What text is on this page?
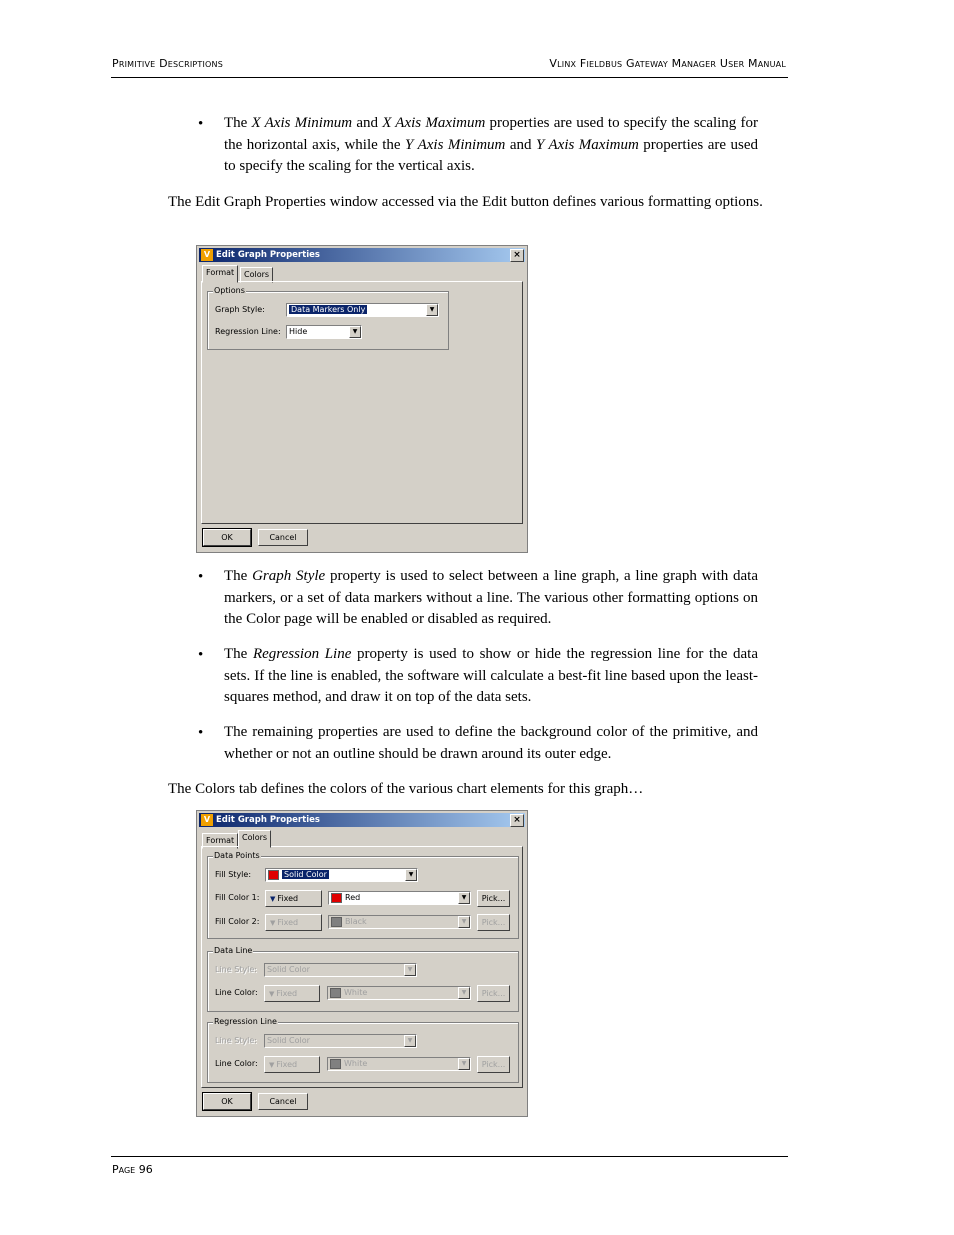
Primitive Descriptions	Vlinx Fieldbus Gateway Manager User Manual
• The X Axis Minimum and X Axis Maximum properties are used to specify the scaling for the horizontal axis, while the Y Axis Minimum and Y Axis Maximum properties are used to specify the scaling for the vertical axis.
The Edit Graph Properties window accessed via the Edit button defines various formatting options.
V Edit Graph Properties	×
Format	Colors
Options
Graph Style:	Data Markers Only	▼
Regression Line: Hide	▼
OK	Cancel
• The Graph Style property is used to select between a line graph, a line graph with data markers, or a set of data markers without a line. The various other formatting options on the Color page will be enabled or disabled as required.
• The Regression Line property is used to show or hide the regression line for the data sets. If the line is enabled, the software will calculate a best-fit line based upon the least-squares method, and draw it on top of the data sets.
• The remaining properties are used to define the background color of the primitive, and whether or not an outline should be drawn around its outer edge.
The Colors tab defines the colors of the various chart elements for this graph…
V Edit Graph Properties	×
Format Colors
Data Points
Fill Style:	Solid Color	▼
Fill Color 1:	▼ Fixed	Red	▼	Pick...
Fill Color 2:	▼ Fixed	Black	▼	Pick...
Data Line
Line Style: Solid Color	▼
Line Color:	▼ Fixed	White	▼	Pick...
Regression Line
Line Style: Solid Color	▼
Line Color:	▼ Fixed	White	▼	Pick...
OK	Cancel
Page 96
